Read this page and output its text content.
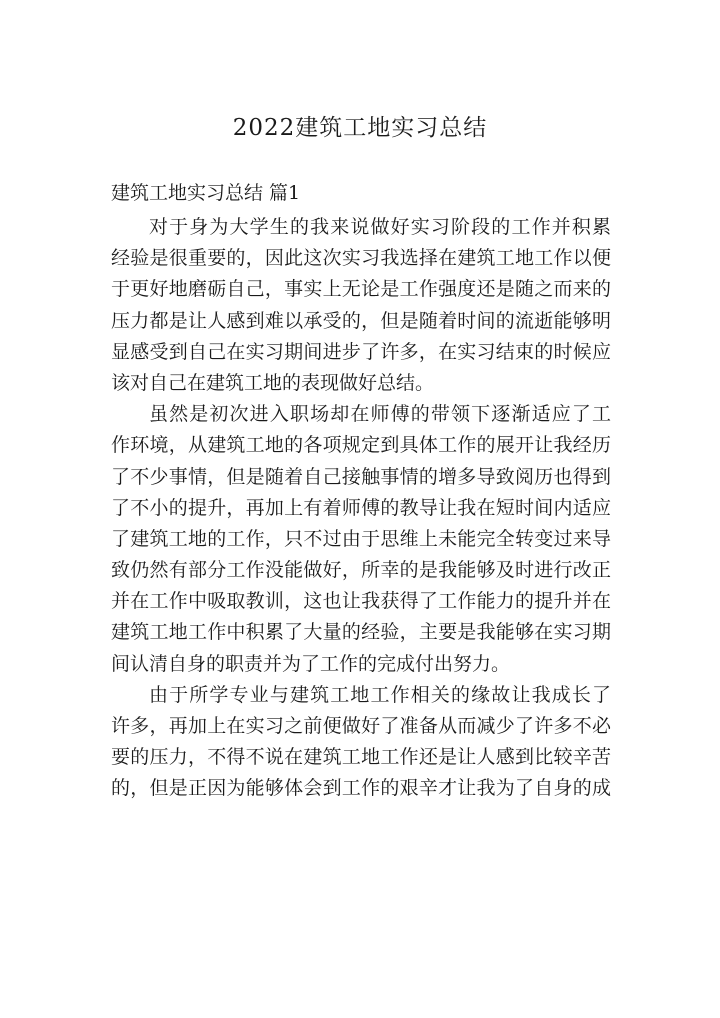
2022建筑工地实习总结
建筑工地实习总结 篇1
对于身为大学生的我来说做好实习阶段的工作并积累
经验是很重要的，因此这次实习我选择在建筑工地工作以便
于更好地磨砺自己，事实上无论是工作强度还是随之而来的
压力都是让人感到难以承受的，但是随着时间的流逝能够明
显感受到自己在实习期间进步了许多，在实习结束的时候应
该对自己在建筑工地的表现做好总结。
虽然是初次进入职场却在师傅的带领下逐渐适应了工
作环境，从建筑工地的各项规定到具体工作的展开让我经历
了不少事情，但是随着自己接触事情的增多导致阅历也得到
了不小的提升，再加上有着师傅的教导让我在短时间内适应
了建筑工地的工作，只不过由于思维上未能完全转变过来导
致仍然有部分工作没能做好，所幸的是我能够及时进行改正
并在工作中吸取教训，这也让我获得了工作能力的提升并在
建筑工地工作中积累了大量的经验，主要是我能够在实习期
间认清自身的职责并为了工作的完成付出努力。
由于所学专业与建筑工地工作相关的缘故让我成长了
许多，再加上在实习之前便做好了准备从而减少了许多不必
要的压力，不得不说在建筑工地工作还是让人感到比较辛苦
的，但是正因为能够体会到工作的艰辛才让我为了自身的成
